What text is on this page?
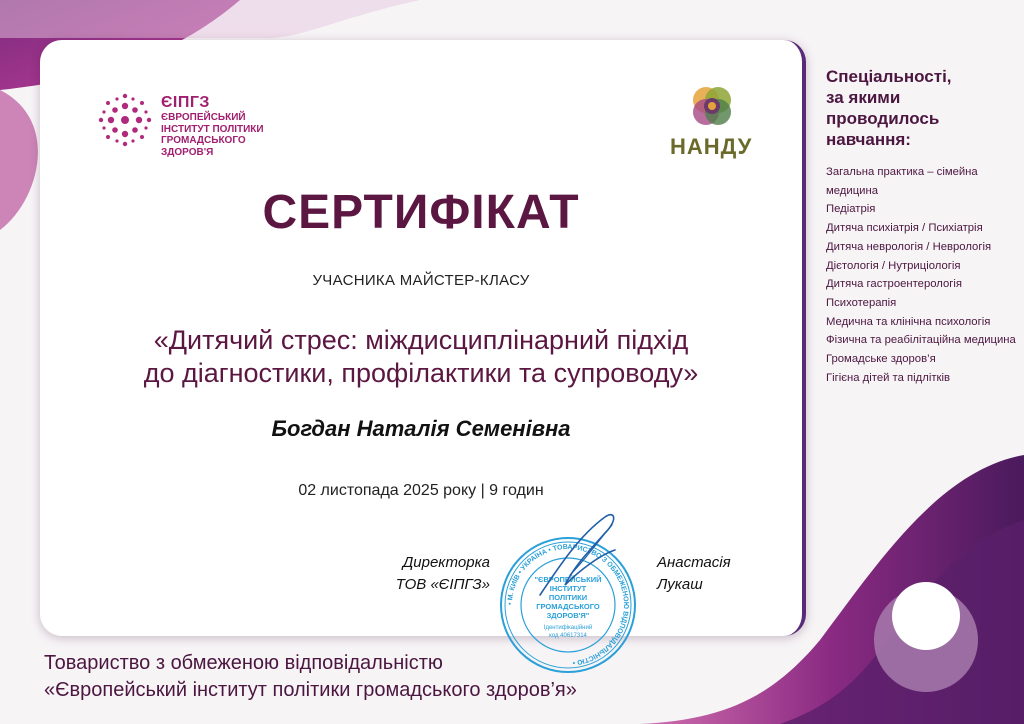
ЄІПГЗ
ЄВРОПЕЙСЬКИЙ
ІНСТИТУТ ПОЛІТИКИ
ГРОМАДСЬКОГО
ЗДОРОВ'Я	НАНДУ
СЕРТИФІКАТ
УЧАСНИКА МАЙСТЕР-КЛАСУ
«Дитячий стрес: міждисциплінарний підхід
до діагностики, профілактики та супроводу»
Богдан Наталія Семенівна
02 листопада 2025 року | 9 годин
Директорка
ТОВ «ЄІПГЗ»
• М. КИЇВ • УКРАЇНА • ТОВАРИСТВО З ОБМЕЖЕНОЮ ВІДПОВІДАЛЬНІСТЮ •
"ЄВРОПЕЙСЬКИЙ
ІНСТИТУТ
ПОЛІТИКИ
ГРОМАДСЬКОГО
ЗДОРОВ'Я"
Ідентифікаційний
код 40617314
Анастасія
Лукаш
Товариство з обмеженою відповідальністю
«Європейський інститут політики громадського здоров’я»
Спеціальності,
за якими
проводилось
навчання:
Загальна практика – сімейна медицина
Педіатрія
Дитяча психіатрія / Психіатрія
Дитяча неврологія / Неврологія
Дієтологія / Нутриціологія
Дитяча гастроентерологія
Психотерапія
Медична та клінічна психологія
Фізична та реабілітаційна медицина
Громадське здоров’я
Гігієна дітей та підлітків
